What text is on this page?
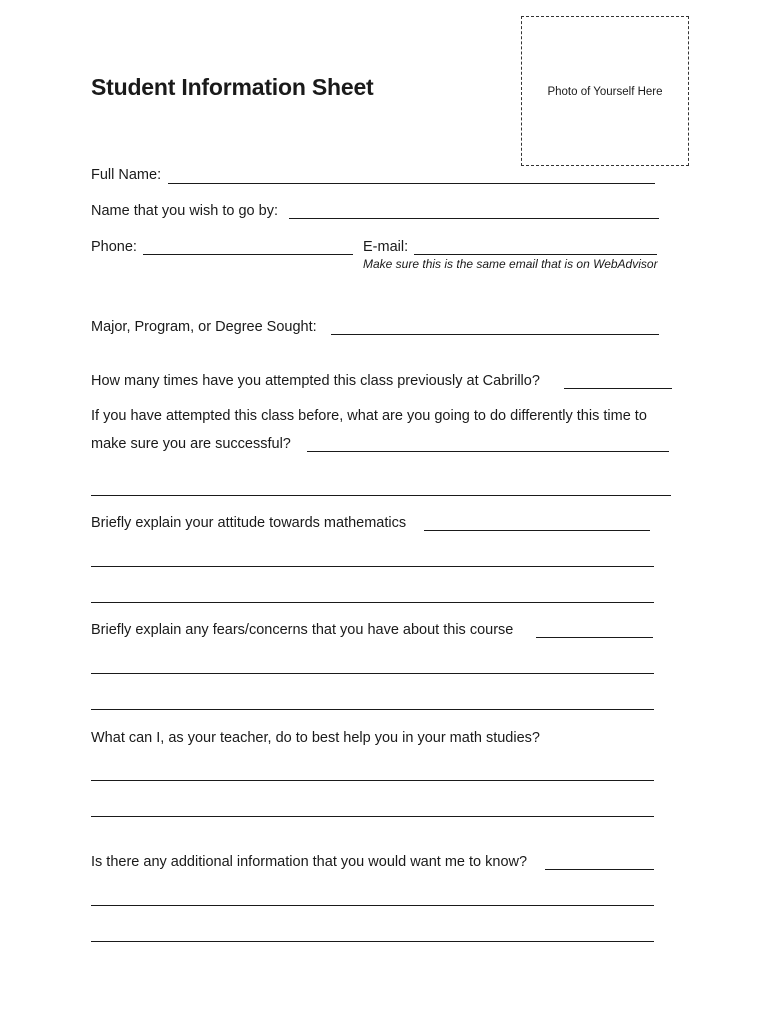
Student Information Sheet	Photo of Yourself Here
Full Name:
Name that you wish to go by:
Phone:	E-mail:
Make sure this is the same email that is on WebAdvisor
Major, Program, or Degree Sought:
How many times have you attempted this class previously at Cabrillo?
If you have attempted this class before, what are you going to do differently this time to
make sure you are successful?
Briefly explain your attitude towards mathematics
Briefly explain any fears/concerns that you have about this course
What can I, as your teacher, do to best help you in your math studies?
Is there any additional information that you would want me to know?
